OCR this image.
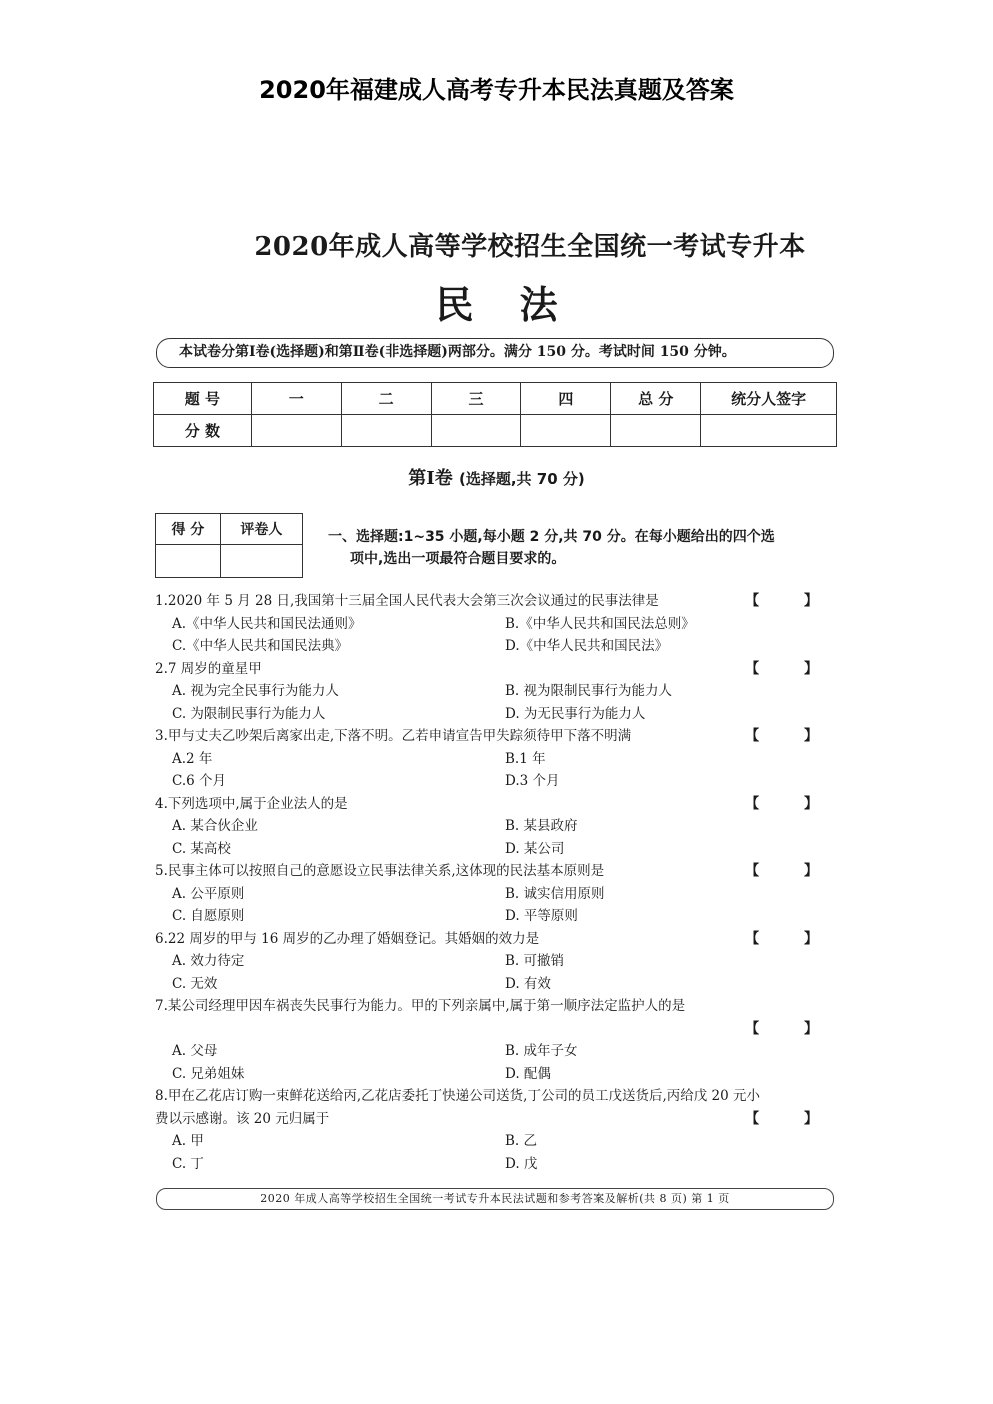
2020年福建成人高考专升本民法真题及答案
2020年成人高等学校招生全国统一考试专升本
民法
本试卷分第Ⅰ卷(选择题)和第Ⅱ卷(非选择题)两部分。满分 150 分。考试时间 150 分钟。
题 号	一	二	三	四	总 分	统分人签字
分 数						
第Ⅰ卷 (选择题,共 70 分)
得 分	评卷人
		一、选择题:1~35 小题,每小题 2 分,共 70 分。在每小题给出的四个选
项中,选出一项最符合题目要求的。
1.2020 年 5 月 28 日,我国第十三届全国人民代表大会第三次会议通过的民事法律是	【 】
A.《中华人民共和国民法通则》	B.《中华人民共和国民法总则》
C.《中华人民共和国民法典》	D.《中华人民共和国民法》
2.7 周岁的童星甲	【 】
A. 视为完全民事行为能力人	B. 视为限制民事行为能力人
C. 为限制民事行为能力人	D. 为无民事行为能力人
3.甲与丈夫乙吵架后离家出走,下落不明。乙若申请宣告甲失踪须待甲下落不明满	【 】
A.2 年	B.1 年
C.6 个月	D.3 个月
4.下列选项中,属于企业法人的是	【 】
A. 某合伙企业	B. 某县政府
C. 某高校	D. 某公司
5.民事主体可以按照自己的意愿设立民事法律关系,这体现的民法基本原则是	【 】
A. 公平原则	B. 诚实信用原则
C. 自愿原则	D. 平等原则
6.22 周岁的甲与 16 周岁的乙办理了婚姻登记。其婚姻的效力是	【 】
A. 效力待定	B. 可撤销
C. 无效	D. 有效
7.某公司经理甲因车祸丧失民事行为能力。甲的下列亲属中,属于第一顺序法定监护人的是
【 】
A. 父母	B. 成年子女
C. 兄弟姐妹	D. 配偶
8.甲在乙花店订购一束鲜花送给丙,乙花店委托丁快递公司送货,丁公司的员工戊送货后,丙给戊 20 元小费以示感谢。该 20 元归属于	【 】
A. 甲	B. 乙
C. 丁	D. 戊
2020 年成人高等学校招生全国统一考试专升本民法试题和参考答案及解析(共 8 页) 第 1 页
